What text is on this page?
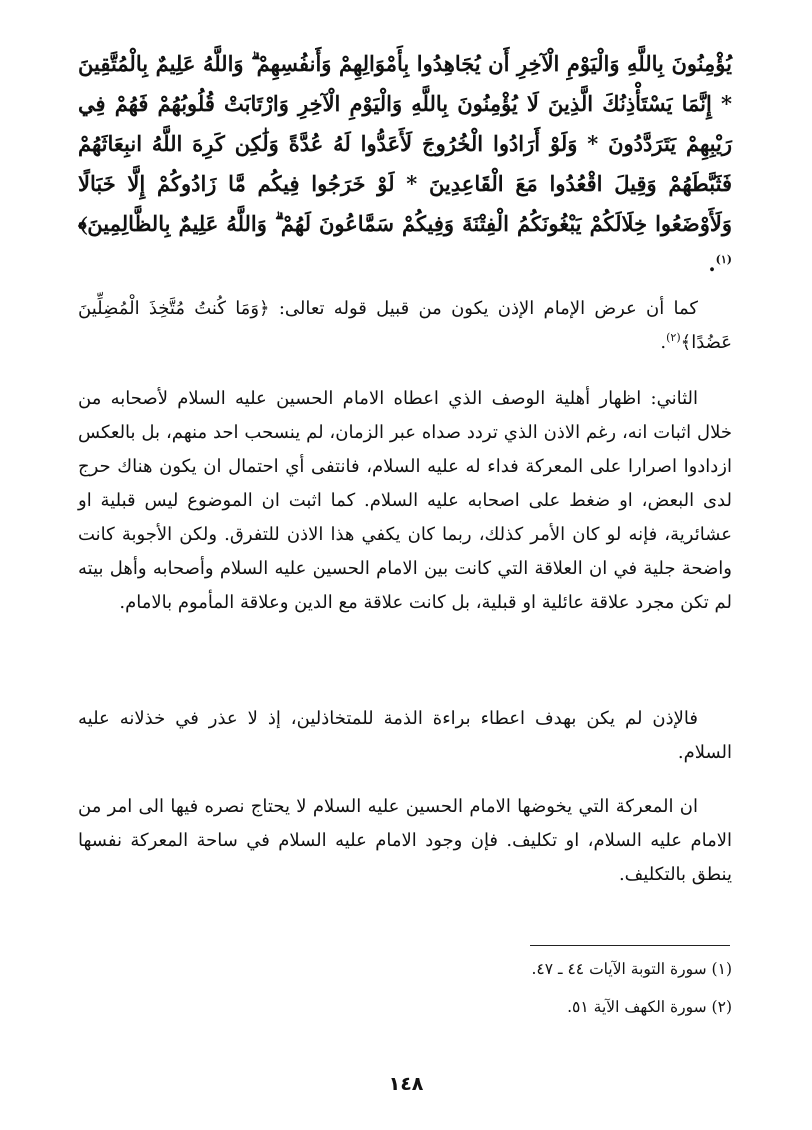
يُؤْمِنُونَ بِاللَّهِ وَالْيَوْمِ الْآخِرِ أَن يُجَاهِدُوا بِأَمْوَالِهِمْ وَأَنفُسِهِمْ ۗ وَاللَّهُ عَلِيمٌ بِالْمُتَّقِينَ * إِنَّمَا يَسْتَأْذِنُكَ الَّذِينَ لَا يُؤْمِنُونَ بِاللَّهِ وَالْيَوْمِ الْآخِرِ وَارْتَابَتْ قُلُوبُهُمْ فَهُمْ فِي رَيْبِهِمْ يَتَرَدَّدُونَ * وَلَوْ أَرَادُوا الْخُرُوجَ لَأَعَدُّوا لَهُ عُدَّةً وَلَٰكِن كَرِهَ اللَّهُ انبِعَاثَهُمْ فَثَبَّطَهُمْ وَقِيلَ اقْعُدُوا مَعَ الْقَاعِدِينَ * لَوْ خَرَجُوا فِيكُم مَّا زَادُوكُمْ إِلَّا خَبَالًا وَلَأَوْضَعُوا خِلَالَكُمْ يَبْغُونَكُمُ الْفِتْنَةَ وَفِيكُمْ سَمَّاعُونَ لَهُمْ ۗ وَاللَّهُ عَلِيمٌ بِالظَّالِمِينَ﴾$^{(١)}$.
كما أن عرض الإمام الإذن يكون من قبيل قوله تعالى: ﴿وَمَا كُنتُ مُتَّخِذَ الْمُضِلِّينَ عَضُدًا﴾$^{(٢)}$.
الثاني: اظهار أهلية الوصف الذي اعطاه الامام الحسين عليه السلام لأصحابه من خلال اثبات انه، رغم الاذن الذي تردد صداه عبر الزمان، لم ينسحب احد منهم، بل بالعكس ازدادوا اصرارا على المعركة فداء له عليه السلام، فانتفى أي احتمال ان يكون هناك حرج لدى البعض، او ضغط على اصحابه عليه السلام. كما اثبت ان الموضوع ليس قبلية او عشائرية، فإنه لو كان الأمر كذلك، ربما كان يكفي هذا الاذن للتفرق. ولكن الأجوبة كانت واضحة جلية في ان العلاقة التي كانت بين الامام الحسين عليه السلام وأصحابه وأهل بيته لم تكن مجرد علاقة عائلية او قبلية، بل كانت علاقة مع الدين وعلاقة المأموم بالامام.
فالإذن لم يكن بهدف اعطاء براءة الذمة للمتخاذلين، إذ لا عذر في خذلانه عليه السلام.
ان المعركة التي يخوضها الامام الحسين عليه السلام لا يحتاج نصره فيها الى امر من الامام عليه السلام، او تكليف. فإن وجود الامام عليه السلام في ساحة المعركة نفسها ينطق بالتكليف.
(١) سورة التوبة الآيات ٤٤ ـ ٤٧.
(٢) سورة الكهف الآية ٥١.
١٤٨
